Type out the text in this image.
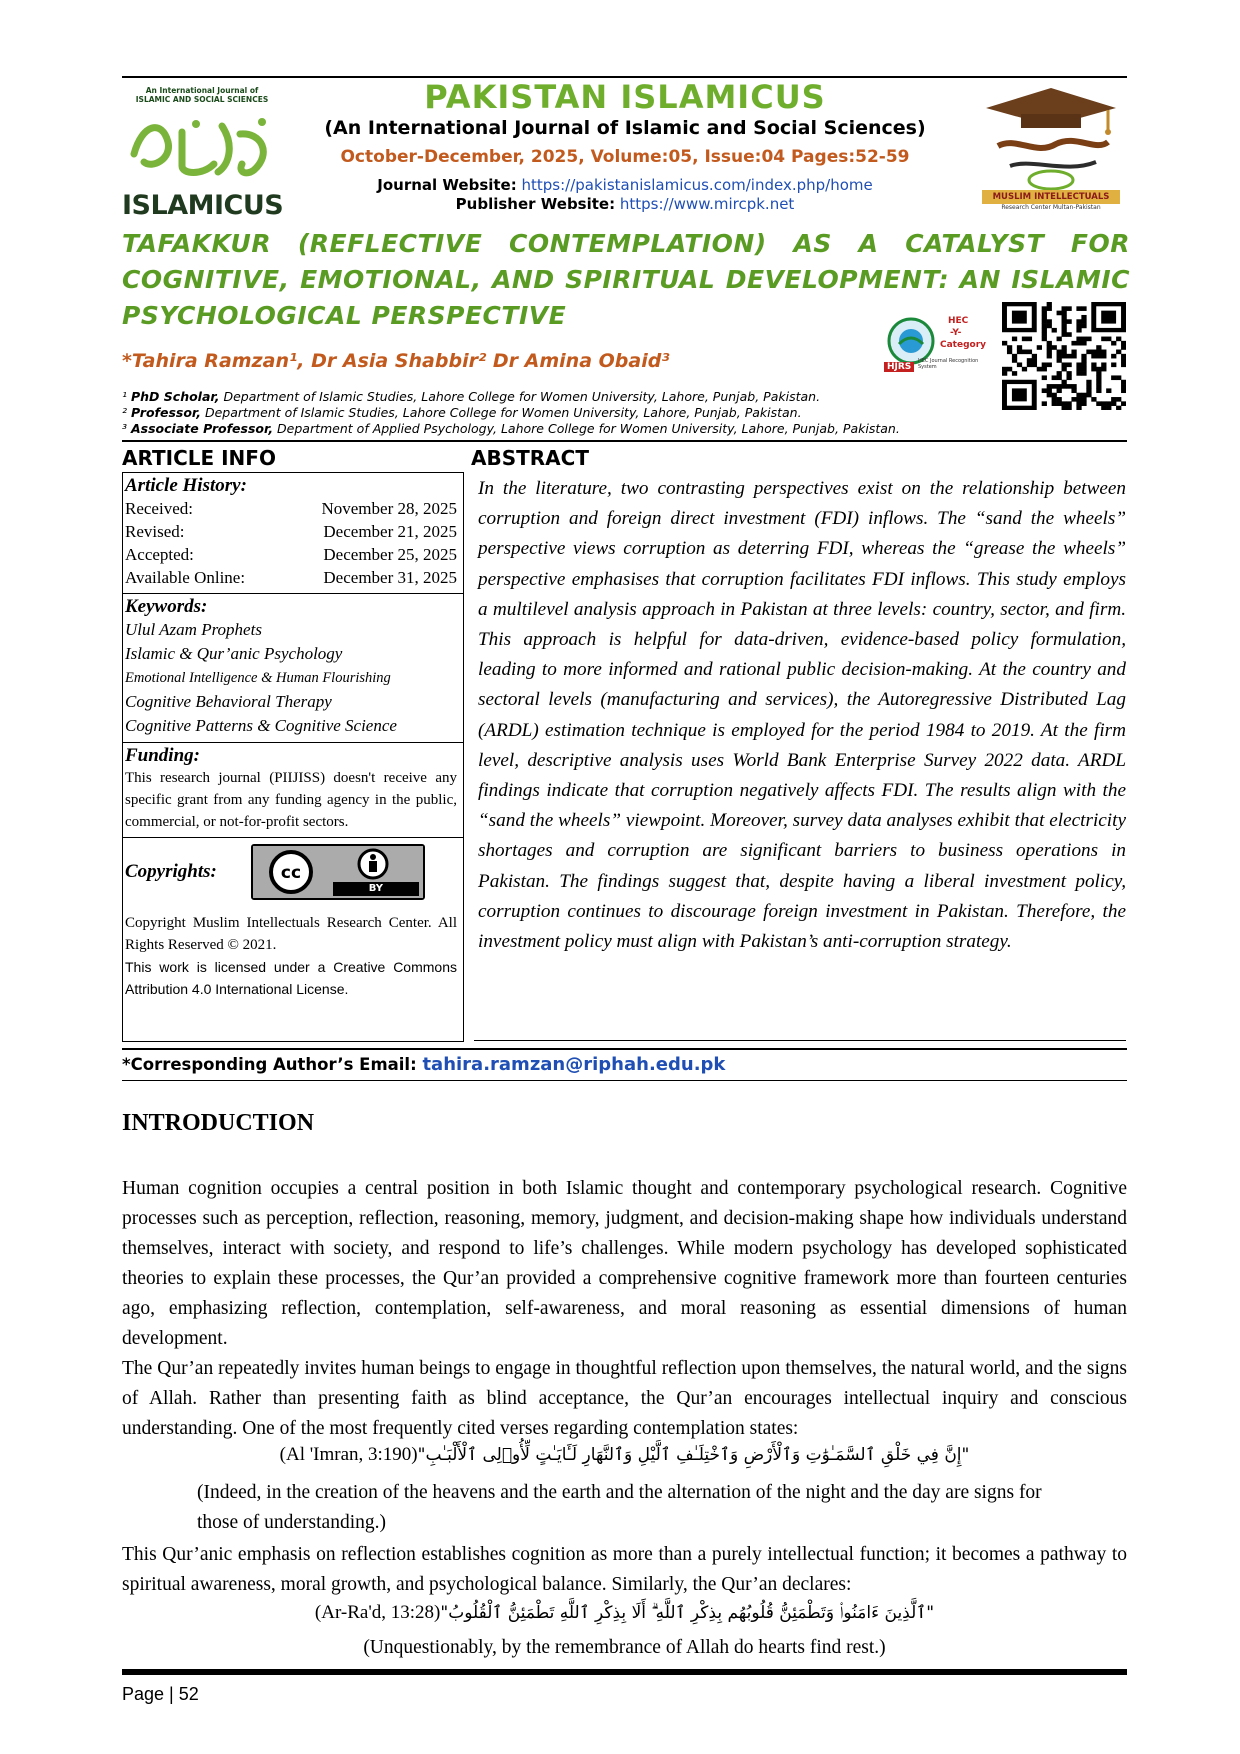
An International Journal of
ISLAMIC AND SOCIAL SCIENCES
ISLAMICUS
PAKISTAN ISLAMICUS
(An International Journal of Islamic and Social Sciences)
October-December, 2025, Volume:05, Issue:04 Pages:52-59
Journal Website: https://pakistanislamicus.com/index.php/home
Publisher Website: https://www.mircpk.net	MUSLIM INTELLECTUALS
Research Center Multan-Pakistan
TAFAKKUR (REFLECTIVE CONTEMPLATION) AS A CATALYST FOR COGNITIVE, EMOTIONAL, AND SPIRITUAL DEVELOPMENT: AN ISLAMIC PSYCHOLOGICAL PERSPECTIVE
*Tahira Ramzan¹, Dr Asia Shabbir² Dr Amina Obaid³
HEC
-Y-
Category
HJRS
HEC Journal Recognition System
¹ PhD Scholar, Department of Islamic Studies, Lahore College for Women University, Lahore, Punjab, Pakistan.
² Professor, Department of Islamic Studies, Lahore College for Women University, Lahore, Punjab, Pakistan.
³ Associate Professor, Department of Applied Psychology, Lahore College for Women University, Lahore, Punjab, Pakistan.
ARTICLE INFO	ABSTRACT
Article History:
Received:	November 28, 2025
Revised:	December 21, 2025
Accepted:	December 25, 2025
Available Online:	December 31, 2025
Keywords:
Ulul Azam Prophets
Islamic & Qur’anic Psychology
Emotional Intelligence & Human Flourishing
Cognitive Behavioral Therapy
Cognitive Patterns & Cognitive Science
Funding:
This research journal (PIIJISS) doesn't receive any specific grant from any funding agency in the public, commercial, or not-for-profit sectors.
Copyrights:	cc
BY
Copyright Muslim Intellectuals Research Center. All Rights Reserved © 2021.
This work is licensed under a Creative Commons Attribution 4.0 International License.
In the literature, two contrasting perspectives exist on the relationship between corruption and foreign direct investment (FDI) inflows. The “sand the wheels” perspective views corruption as deterring FDI, whereas the “grease the wheels” perspective emphasises that corruption facilitates FDI inflows. This study employs a multilevel analysis approach in Pakistan at three levels: country, sector, and firm. This approach is helpful for data-driven, evidence-based policy formulation, leading to more informed and rational public decision-making. At the country and sectoral levels (manufacturing and services), the Autoregressive Distributed Lag (ARDL) estimation technique is employed for the period 1984 to 2019. At the firm level, descriptive analysis uses World Bank Enterprise Survey 2022 data. ARDL findings indicate that corruption negatively affects FDI. The results align with the “sand the wheels” viewpoint. Moreover, survey data analyses exhibit that electricity shortages and corruption are significant barriers to business operations in Pakistan. The findings suggest that, despite having a liberal investment policy, corruption continues to discourage foreign investment in Pakistan. Therefore, the investment policy must align with Pakistan’s anti-corruption strategy.
*Corresponding Author’s Email: tahira.ramzan@riphah.edu.pk
INTRODUCTION
Human cognition occupies a central position in both Islamic thought and contemporary psychological research. Cognitive processes such as perception, reflection, reasoning, memory, judgment, and decision-making shape how individuals understand themselves, interact with society, and respond to life’s challenges. While modern psychology has developed sophisticated theories to explain these processes, the Qur’an provided a comprehensive cognitive framework more than fourteen centuries ago, emphasizing reflection, contemplation, self-awareness, and moral reasoning as essential dimensions of human development.
The Qur’an repeatedly invites human beings to engage in thoughtful reflection upon themselves, the natural world, and the signs of Allah. Rather than presenting faith as blind acceptance, the Qur’an encourages intellectual inquiry and conscious understanding. One of the most frequently cited verses regarding contemplation states:
(Al 'Imran, 3:190)"إِنَّ فِي خَلْقِ ٱلسَّمَـٰوَٰتِ وَٱلْأَرْضِ وَٱخْتِلَـٰفِ ٱلَّيْلِ وَٱلنَّهَارِ لَـَٔايَـٰتٍ لِّأُو۟لِى ٱلْأَلْبَـٰبِ"
(Indeed, in the creation of the heavens and the earth and the alternation of the night and the day are signs for those of understanding.)
This Qur’anic emphasis on reflection establishes cognition as more than a purely intellectual function; it becomes a pathway to spiritual awareness, moral growth, and psychological balance. Similarly, the Qur’an declares:
(Ar-Ra'd, 13:28)"ٱلَّذِينَ ءَامَنُوا۟ وَتَطْمَئِنُّ قُلُوبُهُم بِذِكْرِ ٱللَّهِ ۗ أَلَا بِذِكْرِ ٱللَّهِ تَطْمَئِنُّ ٱلْقُلُوبُ"
(Unquestionably, by the remembrance of Allah do hearts find rest.)
Page | 52
